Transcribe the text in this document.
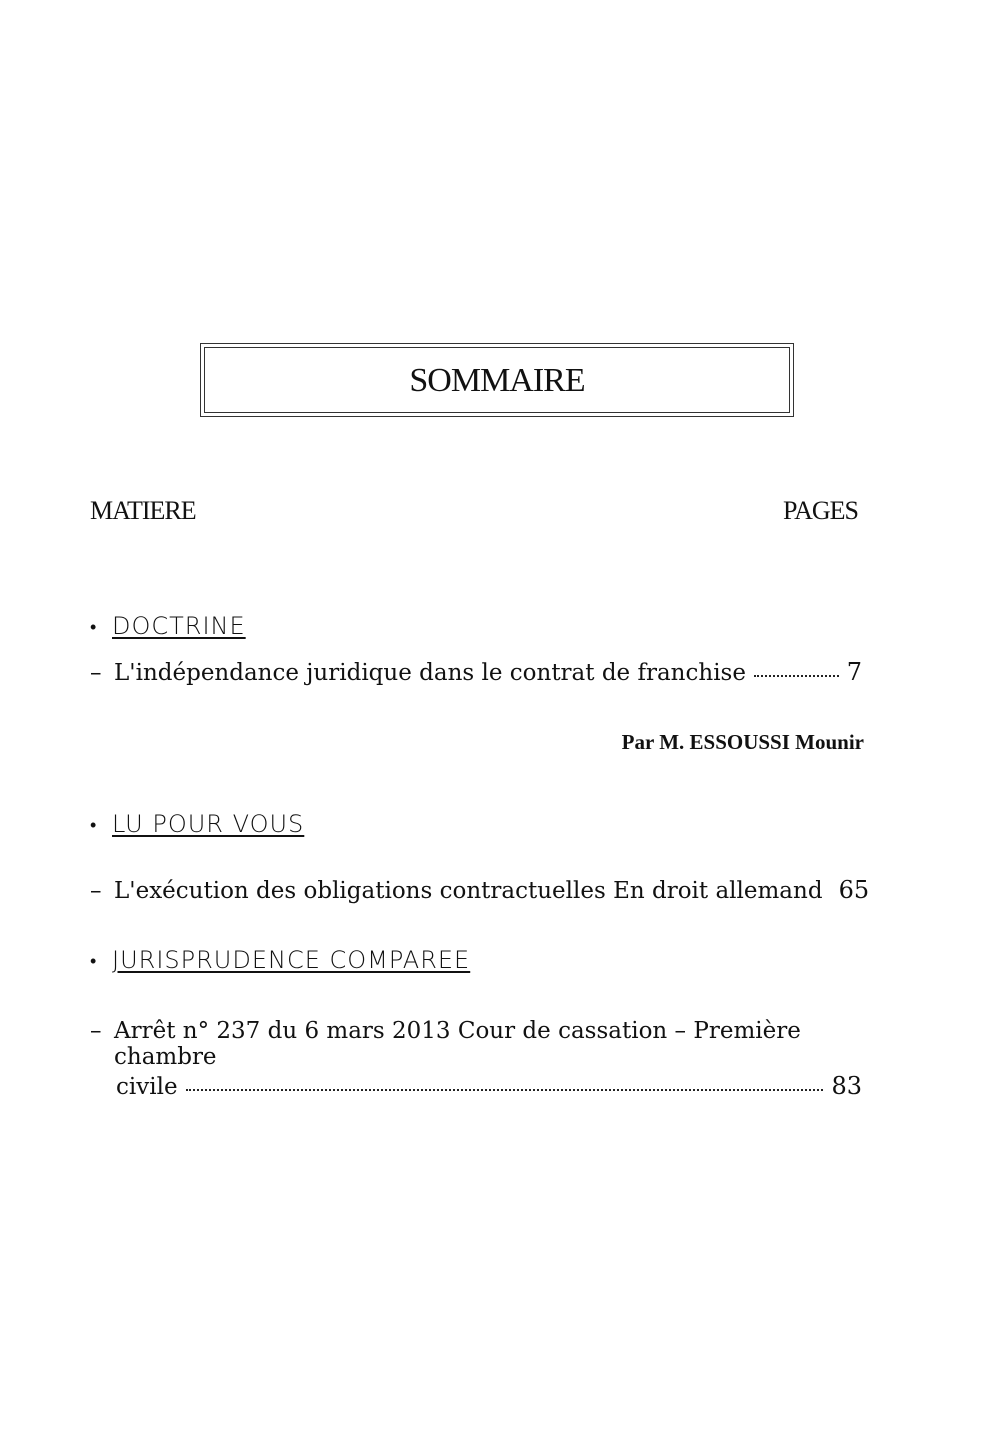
SOMMAIRE
MATIERE	PAGES
• DOCTRINE
– L'indépendance juridique dans le contrat de franchise	7
Par M. ESSOUSSI Mounir
• LU POUR VOUS
– L'exécution des obligations contractuelles En droit allemand 65
• JURISPRUDENCE COMPAREE
– Arrêt n° 237 du 6 mars 2013 Cour de cassation – Première chambre
civile	83
